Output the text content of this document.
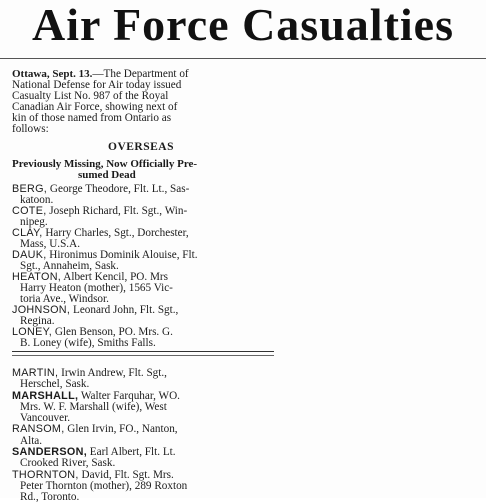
Air Force Casualties

Ottawa, Sept. 13.—The Department of
National Defense for Air today issued
Casualty List No. 987 of the Royal
Canadian Air Force, showing next of
kin of those named from Ontario as
follows:

OVERSEAS
Previously Missing, Now Officially Pre-
sumed Dead

BERG, George Theodore, Flt. Lt., Sas-
katoon.

COTE, Joseph Richard, Flt. Sgt., Win-
nipeg.

CLAY, Harry Charles, Sgt., Dorchester,
Mass, U.S.A.

DAUK, Hironimus Dominik Alouise, Flt.
Sgt., Annaheim, Sask.

HEATON, Albert Kencil, PO. Mrs
Harry Heaton (mother), 1565 Vic-
toria Ave., Windsor.

JOHNSON, Leonard John, Flt. Sgt.,
Regina.

LONEY, Glen Benson, PO. Mrs. G.
B. Loney (wife), Smiths Falls.

MARTIN, Irwin Andrew, Flt. Sgt.,
Herschel, Sask.

MARSHALL, Walter Farquhar, WO.
Mrs. W. F. Marshall (wife), West
Vancouver.

RANSOM, Glen Irvin, FO., Nanton,
Alta.

SANDERSON, Earl Albert, Flt. Lt.
Crooked River, Sask.

THORNTON, David, Flt. Sgt. Mrs.
Peter Thornton (mother), 289 Roxton
Rd., Toronto.
